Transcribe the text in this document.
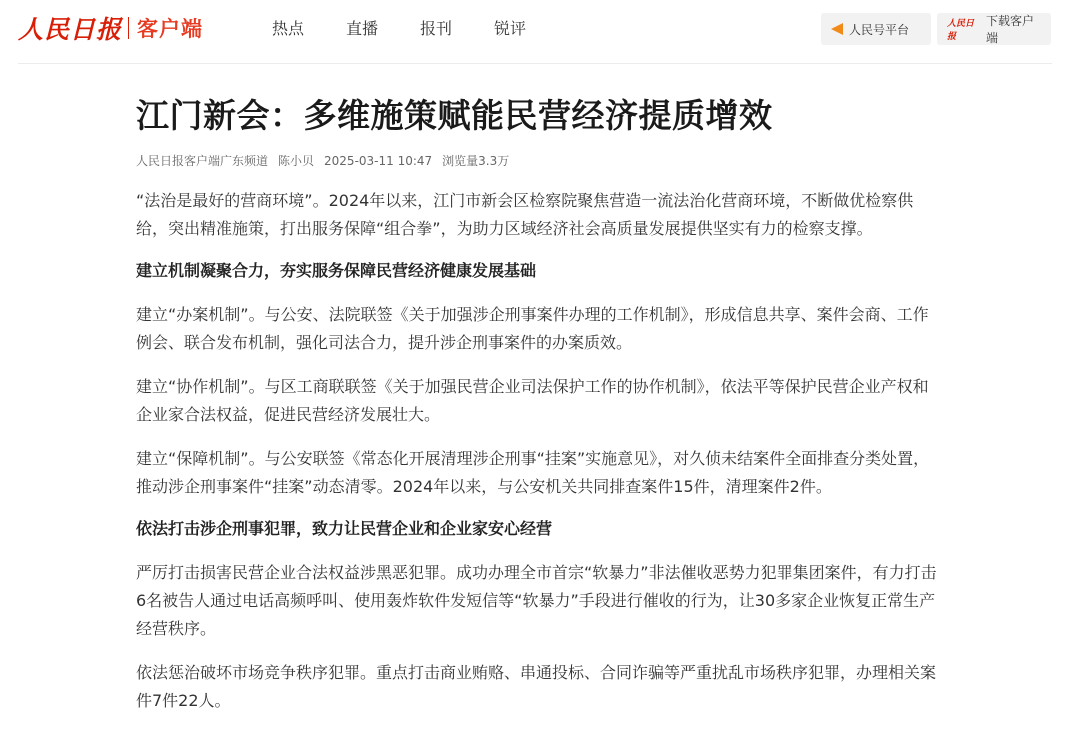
人民日报 客户端	热点	直播	报刊	锐评	人民号平台	人民日报
下载客户端
江门新会：多维施策赋能民营经济提质增效
人民日报客户端广东频道 陈小贝 2025-03-11 10:47 浏览量3.3万

“法治是最好的营商环境”。2024年以来，江门市新会区检察院聚焦营造一流法治化营商环境，不断做优检察供给，突出精准施策，打出服务保障“组合拳”，为助力区域经济社会高质量发展提供坚实有力的检察支撑。

建立机制凝聚合力，夯实服务保障民营经济健康发展基础

建立“办案机制”。与公安、法院联签《关于加强涉企刑事案件办理的工作机制》，形成信息共享、案件会商、工作例会、联合发布机制，强化司法合力，提升涉企刑事案件的办案质效。

建立“协作机制”。与区工商联联签《关于加强民营企业司法保护工作的协作机制》，依法平等保护民营企业产权和企业家合法权益，促进民营经济发展壮大。

建立“保障机制”。与公安联签《常态化开展清理涉企刑事“挂案”实施意见》，对久侦未结案件全面排查分类处置，推动涉企刑事案件“挂案”动态清零。2024年以来，与公安机关共同排查案件15件，清理案件2件。

依法打击涉企刑事犯罪，致力让民营企业和企业家安心经营

严厉打击损害民营企业合法权益涉黑恶犯罪。成功办理全市首宗“软暴力”非法催收恶势力犯罪集团案件，有力打击6名被告人通过电话高频呼叫、使用轰炸软件发短信等“软暴力”手段进行催收的行为，让30多家企业恢复正常生产经营秩序。

依法惩治破坏市场竞争秩序犯罪。重点打击商业贿赂、串通投标、合同诈骗等严重扰乱市场秩序犯罪，办理相关案件7件22人。
